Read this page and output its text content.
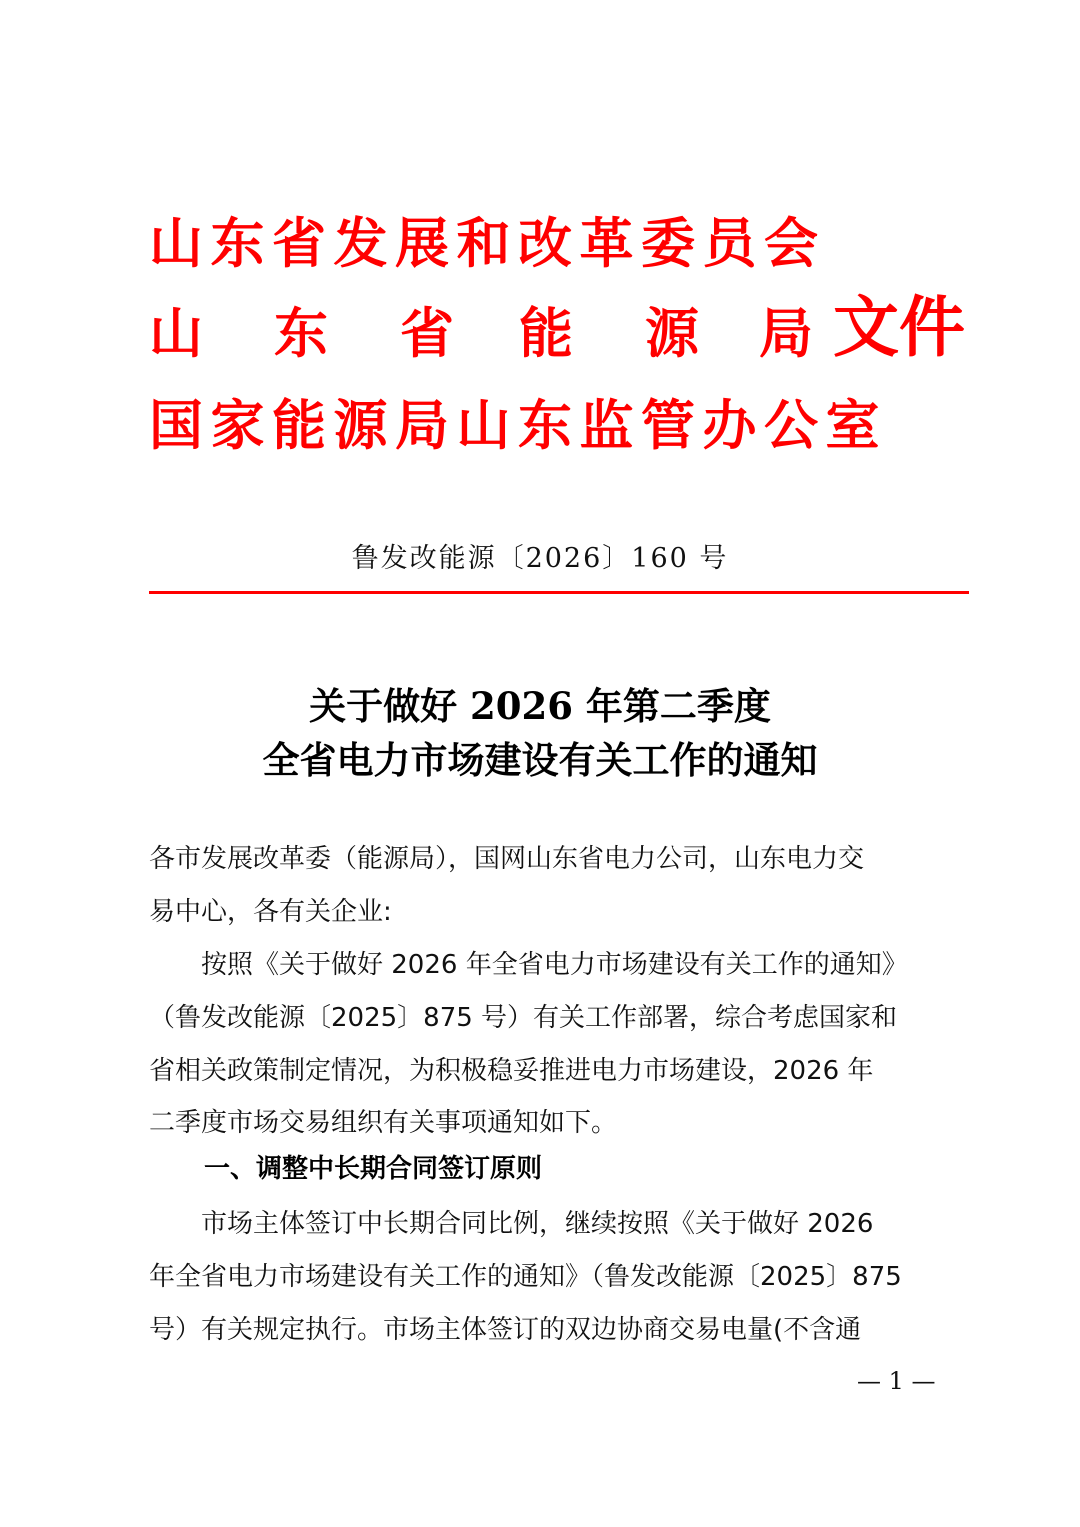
山东省发展和改革委员会
山 东 省 能 源 局 文件
国家能源局山东监管办公室
鲁发改能源〔2026〕160 号
关于做好 2026 年第二季度
全省电力市场建设有关工作的通知
各市发展改革委（能源局），国网山东省电力公司，山东电力交
易中心，各有关企业:
　　按照《关于做好 2026 年全省电力市场建设有关工作的通知》
（鲁发改能源〔2025〕875 号）有关工作部署，综合考虑国家和
省相关政策制定情况，为积极稳妥推进电力市场建设，2026 年
二季度市场交易组织有关事项通知如下。
一、调整中长期合同签订原则
　　市场主体签订中长期合同比例，继续按照《关于做好 2026
年全省电力市场建设有关工作的通知》（鲁发改能源〔2025〕875
号）有关规定执行。市场主体签订的双边协商交易电量(不含通
— 1 —
